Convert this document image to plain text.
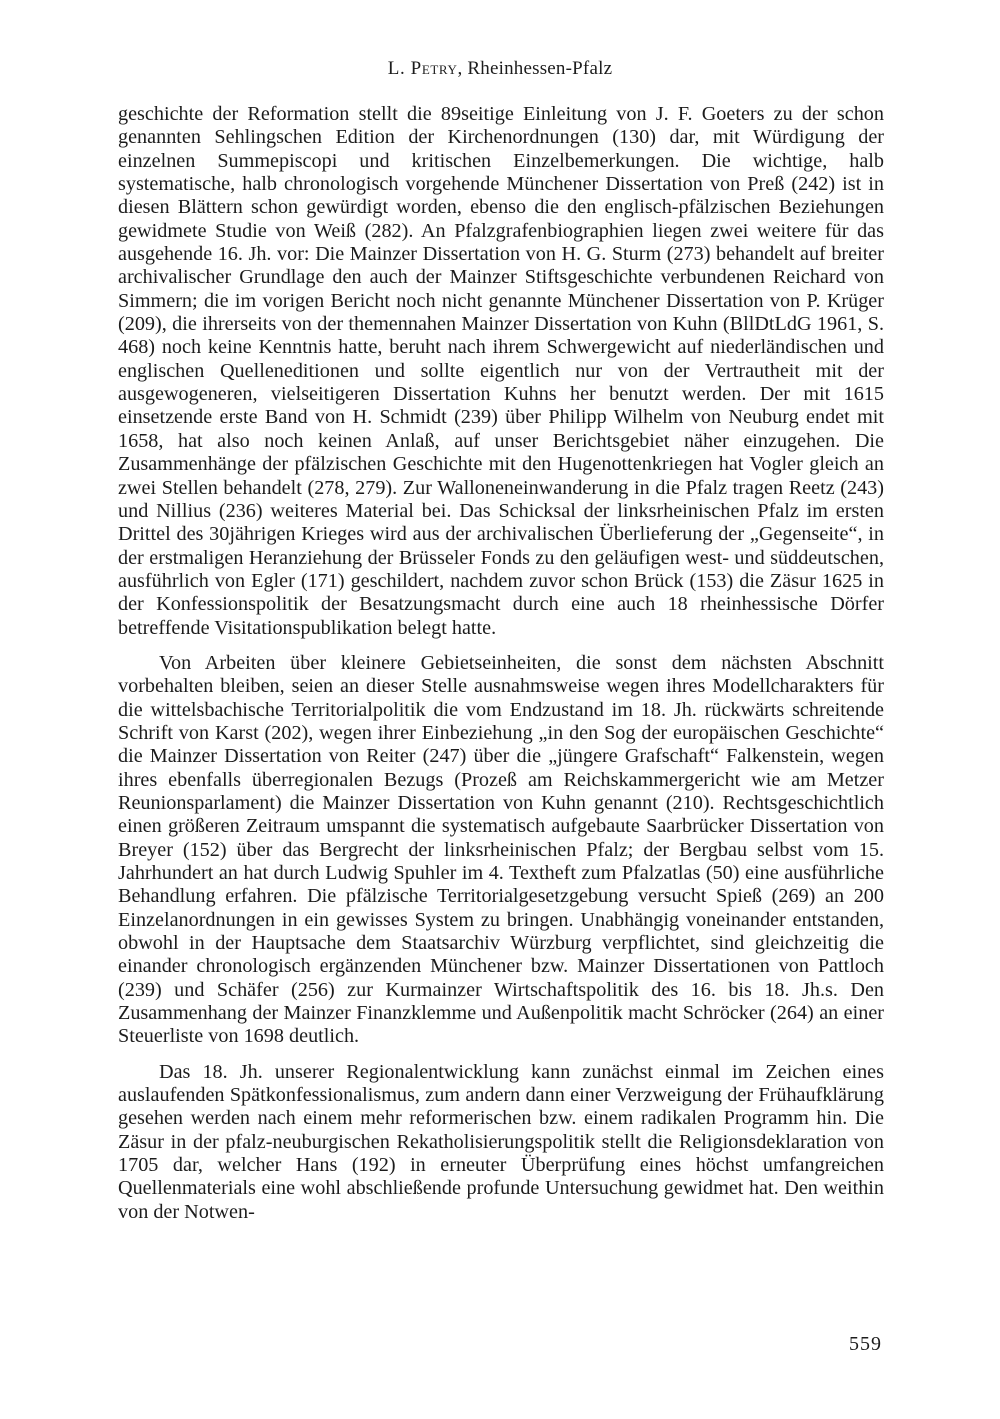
L. Petry, Rheinhessen-Pfalz

geschichte der Reformation stellt die 89seitige Einleitung von J. F. Goeters zu der schon genannten Sehlingschen Edition der Kirchenordnungen (130) dar, mit Würdigung der einzelnen Summepiscopi und kritischen Einzelbemerkungen. Die wichtige, halb systematische, halb chronologisch vorgehende Münchener Dissertation von Preß (242) ist in diesen Blättern schon gewürdigt worden, ebenso die den englisch-pfälzischen Beziehungen gewidmete Studie von Weiß (282). An Pfalzgrafenbiographien liegen zwei weitere für das ausgehende 16. Jh. vor: Die Mainzer Dissertation von H. G. Sturm (273) behandelt auf breiter archivalischer Grundlage den auch der Mainzer Stiftsgeschichte verbundenen Reichard von Simmern; die im vorigen Bericht noch nicht genannte Münchener Dissertation von P. Krüger (209), die ihrerseits von der themennahen Mainzer Dissertation von Kuhn (BllDtLdG 1961, S. 468) noch keine Kenntnis hatte, beruht nach ihrem Schwergewicht auf niederländischen und englischen Quelleneditionen und sollte eigentlich nur von der Vertrautheit mit der ausgewogeneren, vielseitigeren Dissertation Kuhns her benutzt werden. Der mit 1615 einsetzende erste Band von H. Schmidt (239) über Philipp Wilhelm von Neuburg endet mit 1658, hat also noch keinen Anlaß, auf unser Berichtsgebiet näher einzugehen. Die Zusammenhänge der pfälzischen Geschichte mit den Hugenottenkriegen hat Vogler gleich an zwei Stellen behandelt (278, 279). Zur Walloneneinwanderung in die Pfalz tragen Reetz (243) und Nillius (236) weiteres Material bei. Das Schicksal der linksrheinischen Pfalz im ersten Drittel des 30jährigen Krieges wird aus der archivalischen Überlieferung der „Gegenseite“, in der erstmaligen Heranziehung der Brüsseler Fonds zu den geläufigen west- und süddeutschen, ausführlich von Egler (171) geschildert, nachdem zuvor schon Brück (153) die Zäsur 1625 in der Konfessionspolitik der Besatzungsmacht durch eine auch 18 rheinhessische Dörfer betreffende Visitationspublikation belegt hatte.

Von Arbeiten über kleinere Gebietseinheiten, die sonst dem nächsten Abschnitt vorbehalten bleiben, seien an dieser Stelle ausnahmsweise wegen ihres Modellcharakters für die wittelsbachische Territorialpolitik die vom Endzustand im 18. Jh. rückwärts schreitende Schrift von Karst (202), wegen ihrer Einbeziehung „in den Sog der europäischen Geschichte“ die Mainzer Dissertation von Reiter (247) über die „jüngere Grafschaft“ Falkenstein, wegen ihres ebenfalls überregionalen Bezugs (Prozeß am Reichskammergericht wie am Metzer Reunionsparlament) die Mainzer Dissertation von Kuhn genannt (210). Rechtsgeschichtlich einen größeren Zeitraum umspannt die systematisch aufgebaute Saarbrücker Dissertation von Breyer (152) über das Bergrecht der linksrheinischen Pfalz; der Bergbau selbst vom 15. Jahrhundert an hat durch Ludwig Spuhler im 4. Textheft zum Pfalzatlas (50) eine ausführliche Behandlung erfahren. Die pfälzische Territorialgesetzgebung versucht Spieß (269) an 200 Einzelanordnungen in ein gewisses System zu bringen. Unabhängig voneinander entstanden, obwohl in der Hauptsache dem Staatsarchiv Würzburg verpflichtet, sind gleichzeitig die einander chronologisch ergänzenden Münchener bzw. Mainzer Dissertationen von Pattloch (239) und Schäfer (256) zur Kurmainzer Wirtschaftspolitik des 16. bis 18. Jh.s. Den Zusammenhang der Mainzer Finanzklemme und Außenpolitik macht Schröcker (264) an einer Steuerliste von 1698 deutlich.

Das 18. Jh. unserer Regionalentwicklung kann zunächst einmal im Zeichen eines auslaufenden Spätkonfessionalismus, zum andern dann einer Verzweigung der Frühaufklärung gesehen werden nach einem mehr reformerischen bzw. einem radikalen Programm hin. Die Zäsur in der pfalz-neuburgischen Rekatholisierungspolitik stellt die Religionsdeklaration von 1705 dar, welcher Hans (192) in erneuter Überprüfung eines höchst umfangreichen Quellenmaterials eine wohl abschließende profunde Untersuchung gewidmet hat. Den weithin von der Notwen-

559
